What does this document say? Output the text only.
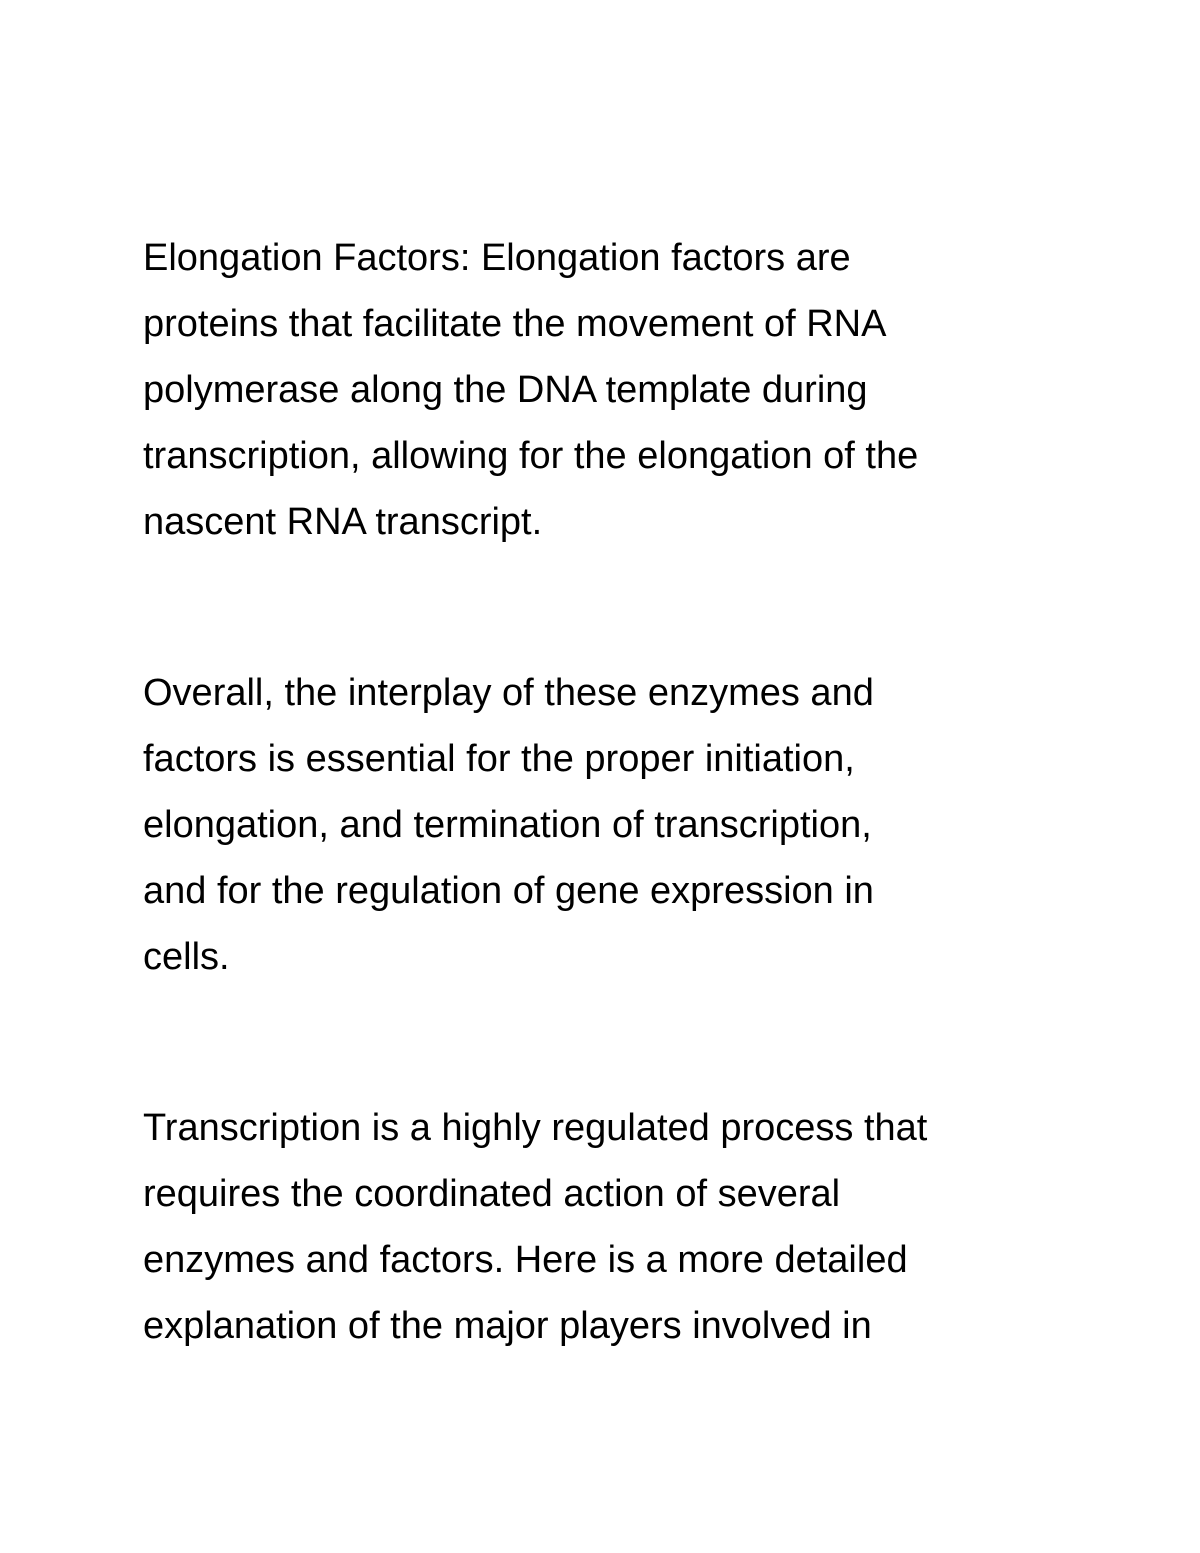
Elongation Factors: Elongation factors are
proteins that facilitate the movement of RNA
polymerase along the DNA template during
transcription, allowing for the elongation of the
nascent RNA transcript.
Overall, the interplay of these enzymes and
factors is essential for the proper initiation,
elongation, and termination of transcription,
and for the regulation of gene expression in
cells.
Transcription is a highly regulated process that
requires the coordinated action of several
enzymes and factors. Here is a more detailed
explanation of the major players involved in
